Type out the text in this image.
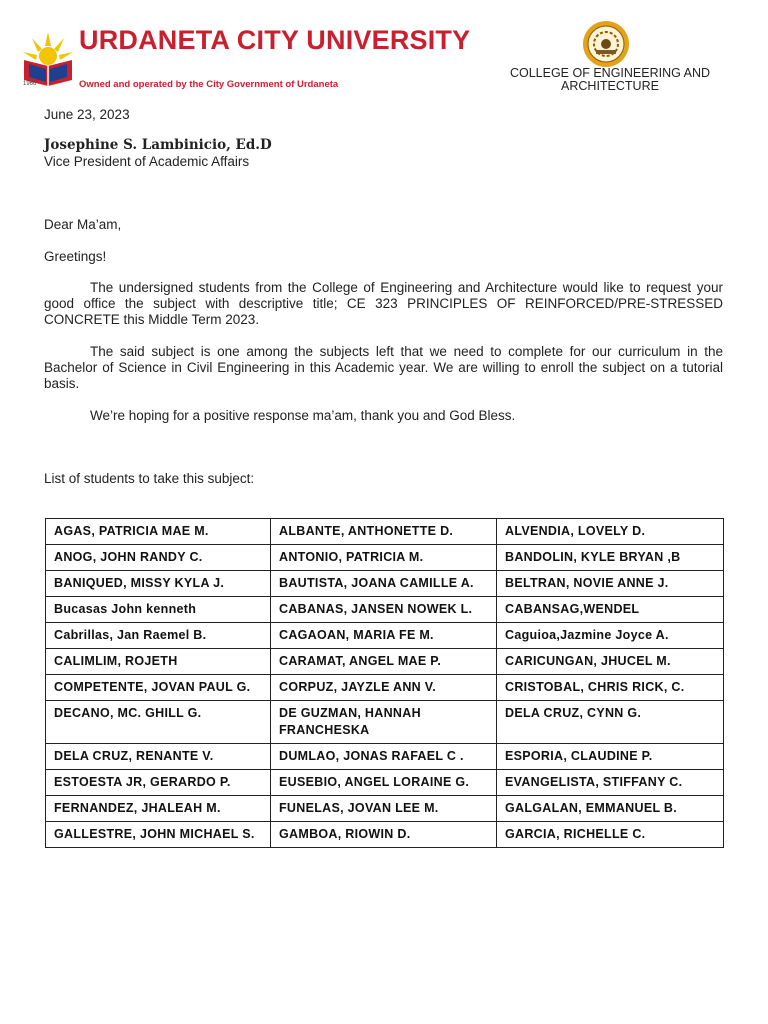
URDANETA CITY UNIVERSITY
Owned and operated by the City Government of Urdaneta
1966
COLLEGE OF ENGINEERING AND ARCHITECTURE
June 23, 2023
Josephine S. Lambinicio, Ed.D
Vice President of Academic Affairs
Dear Ma’am,
Greetings!
The undersigned students from the College of Engineering and Architecture would like to request your good office the subject with descriptive title; CE 323 PRINCIPLES OF REINFORCED/PRE-STRESSED CONCRETE this Middle Term 2023.
The said subject is one among the subjects left that we need to complete for our curriculum in the Bachelor of Science in Civil Engineering in this Academic year. We are willing to enroll the subject on a tutorial basis.
We’re hoping for a positive response ma’am, thank you and God Bless.
List of students to take this subject:
AGAS, PATRICIA MAE M.	ALBANTE, ANTHONETTE D.	ALVENDIA, LOVELY D.
ANOG, JOHN RANDY C.	ANTONIO, PATRICIA M.	BANDOLIN, KYLE BRYAN ,B
BANIQUED, MISSY KYLA J.	BAUTISTA, JOANA CAMILLE A.	BELTRAN, NOVIE ANNE J.
Bucasas John kenneth	CABANAS, JANSEN NOWEK L.	CABANSAG,WENDEL
Cabrillas, Jan Raemel B.	CAGAOAN, MARIA FE M.	Caguioa,Jazmine Joyce A.
CALIMLIM, ROJETH	CARAMAT, ANGEL MAE P.	CARICUNGAN, JHUCEL M.
COMPETENTE, JOVAN PAUL G.	CORPUZ, JAYZLE ANN V.	CRISTOBAL, CHRIS RICK, C.
DECANO, MC. GHILL G.	DE GUZMAN, HANNAH FRANCHESKA	DELA CRUZ, CYNN G.
DELA CRUZ, RENANTE V.	DUMLAO, JONAS RAFAEL C .	ESPORIA, CLAUDINE P.
ESTOESTA JR, GERARDO P.	EUSEBIO, ANGEL LORAINE G.	EVANGELISTA, STIFFANY C.
FERNANDEZ, JHALEAH M.	FUNELAS, JOVAN LEE M.	GALGALAN, EMMANUEL B.
GALLESTRE, JOHN MICHAEL S.	GAMBOA, RIOWIN D.	GARCIA, RICHELLE C.
